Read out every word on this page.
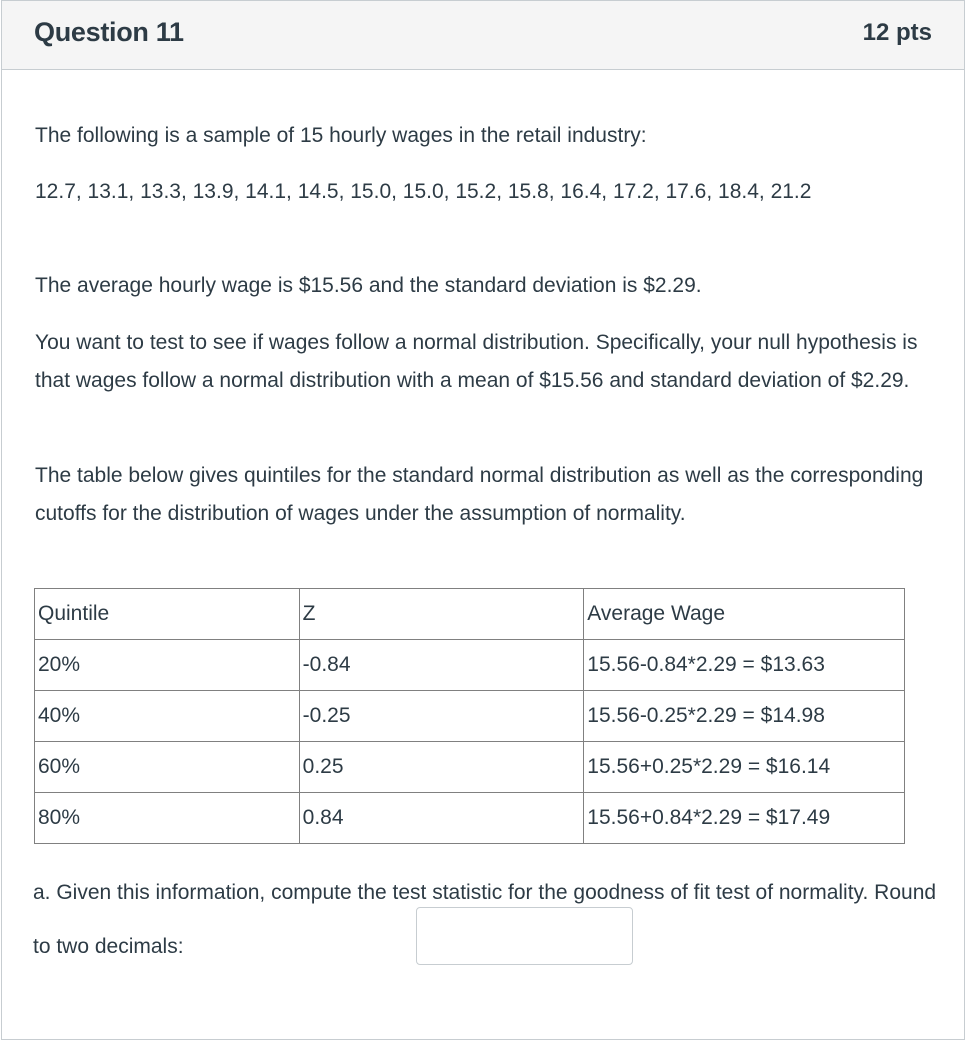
Question 11	12 pts

The following is a sample of 15 hourly wages in the retail industry:

12.7, 13.1, 13.3, 13.9, 14.1, 14.5, 15.0, 15.0, 15.2, 15.8, 16.4, 17.2, 17.6, 18.4, 21.2

The average hourly wage is $15.56 and the standard deviation is $2.29.

You want to test to see if wages follow a normal distribution. Specifically, your null hypothesis is that wages follow a normal distribution with a mean of $15.56 and standard deviation of $2.29.

The table below gives quintiles for the standard normal distribution as well as the corresponding cutoffs for the distribution of wages under the assumption of normality.

Quintile	Z	Average Wage
20%	-0.84	15.56-0.84*2.29 = $13.63
40%	-0.25	15.56-0.25*2.29 = $14.98
60%	0.25	15.56+0.25*2.29 = $16.14
80%	0.84	15.56+0.84*2.29 = $17.49

a. Given this information, compute the test statistic for the goodness of fit test of normality. Round to two decimals:
